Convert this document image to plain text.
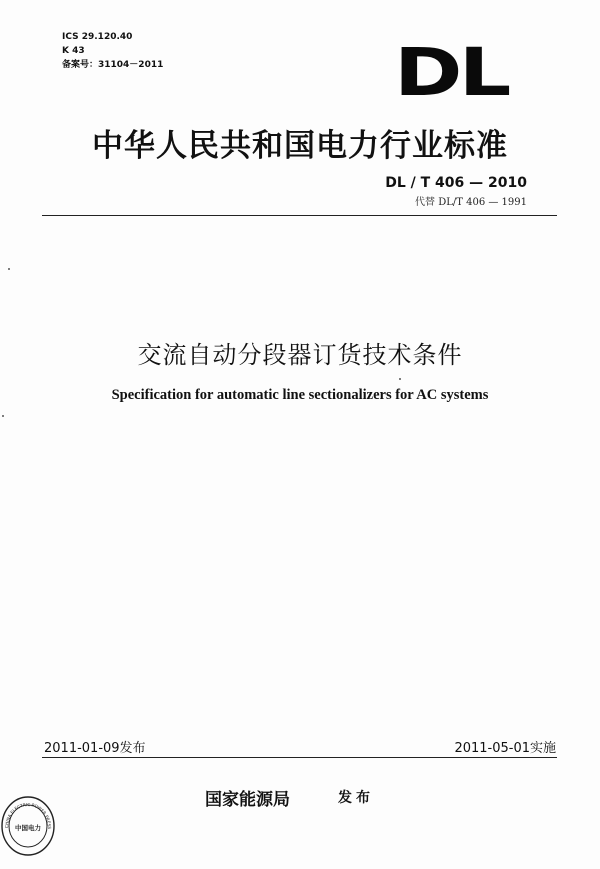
ICS 29.120.40
K 43
备案号：31104－2011	DL
中华人民共和国电力行业标准
DL / T 406 — 2010
代替 DL/T 406 — 1991
交流自动分段器订货技术条件
Specification for automatic line sectionalizers for AC systems
2011-01-09发布	2011-05-01实施
国家能源局	发布
CHINA ELECTRIC POWER PRESS
中国电力
